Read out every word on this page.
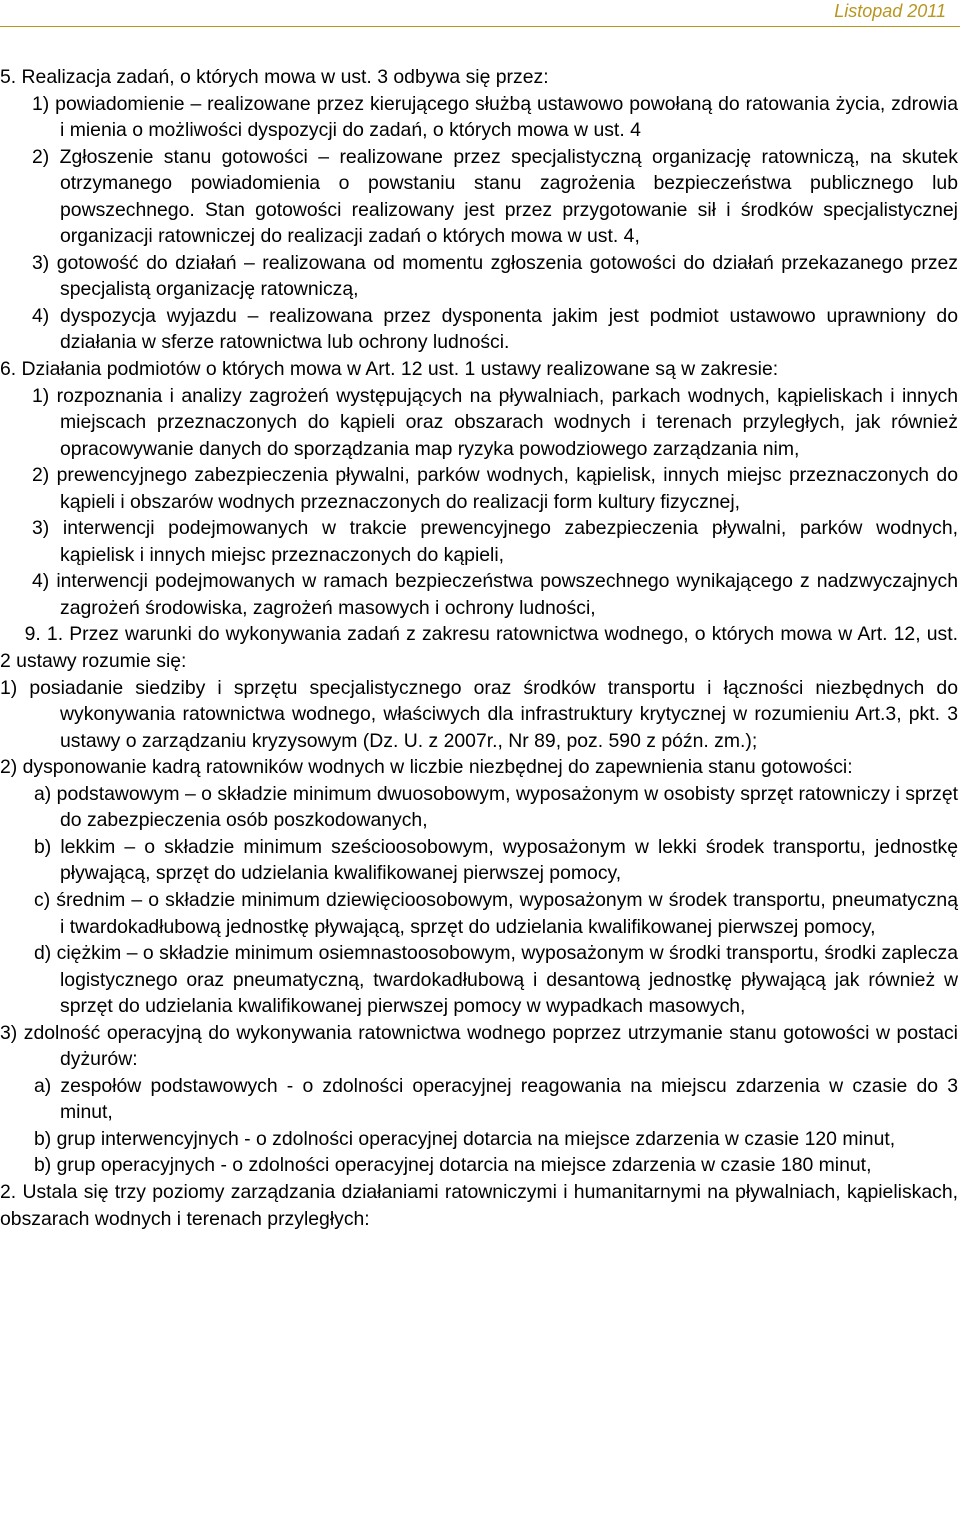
Listopad 2011

5. Realizacja zadań, o których mowa w ust. 3 odbywa się przez:

1) powiadomienie – realizowane przez kierującego służbą ustawowo powołaną do ratowania życia, zdrowia i mienia o możliwości dyspozycji do zadań, o których mowa w ust. 4

2) Zgłoszenie stanu gotowości – realizowane przez specjalistyczną organizację ratowniczą, na skutek otrzymanego powiadomienia o powstaniu stanu zagrożenia bezpieczeństwa publicznego lub powszechnego. Stan gotowości realizowany jest przez przygotowanie sił i środków specjalistycznej organizacji ratowniczej do realizacji zadań o których mowa w ust. 4,

3) gotowość do działań – realizowana od momentu zgłoszenia gotowości do działań przekazanego przez specjalistą organizację ratowniczą,

4) dyspozycja wyjazdu – realizowana przez dysponenta jakim jest podmiot ustawowo uprawniony do działania w sferze ratownictwa lub ochrony ludności.

6. Działania podmiotów o których mowa w Art. 12 ust. 1 ustawy realizowane są w zakresie:

1) rozpoznania i analizy zagrożeń występujących na pływalniach, parkach wodnych, kąpieliskach i innych miejscach przeznaczonych do kąpieli oraz obszarach wodnych i terenach przyległych, jak również opracowywanie danych do sporządzania map ryzyka powodziowego zarządzania nim,

2) prewencyjnego zabezpieczenia pływalni, parków wodnych, kąpielisk, innych miejsc przeznaczonych do kąpieli i obszarów wodnych przeznaczonych do realizacji form kultury fizycznej,

3) interwencji podejmowanych w trakcie prewencyjnego zabezpieczenia pływalni, parków wodnych, kąpielisk i innych miejsc przeznaczonych do kąpieli,

4) interwencji podejmowanych w ramach bezpieczeństwa powszechnego wynikającego z nadzwyczajnych zagrożeń środowiska, zagrożeń masowych i ochrony ludności,

9. 1. Przez warunki do wykonywania zadań z zakresu ratownictwa wodnego, o których mowa w Art. 12, ust. 2 ustawy rozumie się:

1) posiadanie siedziby i sprzętu specjalistycznego oraz środków transportu i łączności niezbędnych do wykonywania ratownictwa wodnego, właściwych dla infrastruktury krytycznej w rozumieniu Art.3, pkt. 3 ustawy o zarządzaniu kryzysowym (Dz. U. z 2007r., Nr 89, poz. 590 z późn. zm.);

2) dysponowanie kadrą ratowników wodnych w liczbie niezbędnej do zapewnienia stanu gotowości:

a) podstawowym – o składzie minimum dwuosobowym, wyposażonym w osobisty sprzęt ratowniczy i sprzęt do zabezpieczenia osób poszkodowanych,

b) lekkim – o składzie minimum sześcioosobowym, wyposażonym w lekki środek transportu, jednostkę pływającą, sprzęt do udzielania kwalifikowanej pierwszej pomocy,

c) średnim – o składzie minimum dziewięcioosobowym, wyposażonym w środek transportu, pneumatyczną i twardokadłubową jednostkę pływającą, sprzęt do udzielania kwalifikowanej pierwszej pomocy,

d) ciężkim – o składzie minimum osiemnastoosobowym, wyposażonym w środki transportu, środki zaplecza logistycznego oraz pneumatyczną, twardokadłubową i desantową jednostkę pływającą jak również w sprzęt do udzielania kwalifikowanej pierwszej pomocy w wypadkach masowych,

3) zdolność operacyjną do wykonywania ratownictwa wodnego poprzez utrzymanie stanu gotowości w postaci dyżurów:

a) zespołów podstawowych - o zdolności operacyjnej reagowania na miejscu zdarzenia w czasie do 3 minut,

b) grup interwencyjnych - o zdolności operacyjnej dotarcia na miejsce zdarzenia w czasie 120 minut,

b) grup operacyjnych - o zdolności operacyjnej dotarcia na miejsce zdarzenia w czasie 180 minut,

2. Ustala się trzy poziomy zarządzania działaniami ratowniczymi i humanitarnymi na pływalniach, kąpieliskach, obszarach wodnych i terenach przyległych:
